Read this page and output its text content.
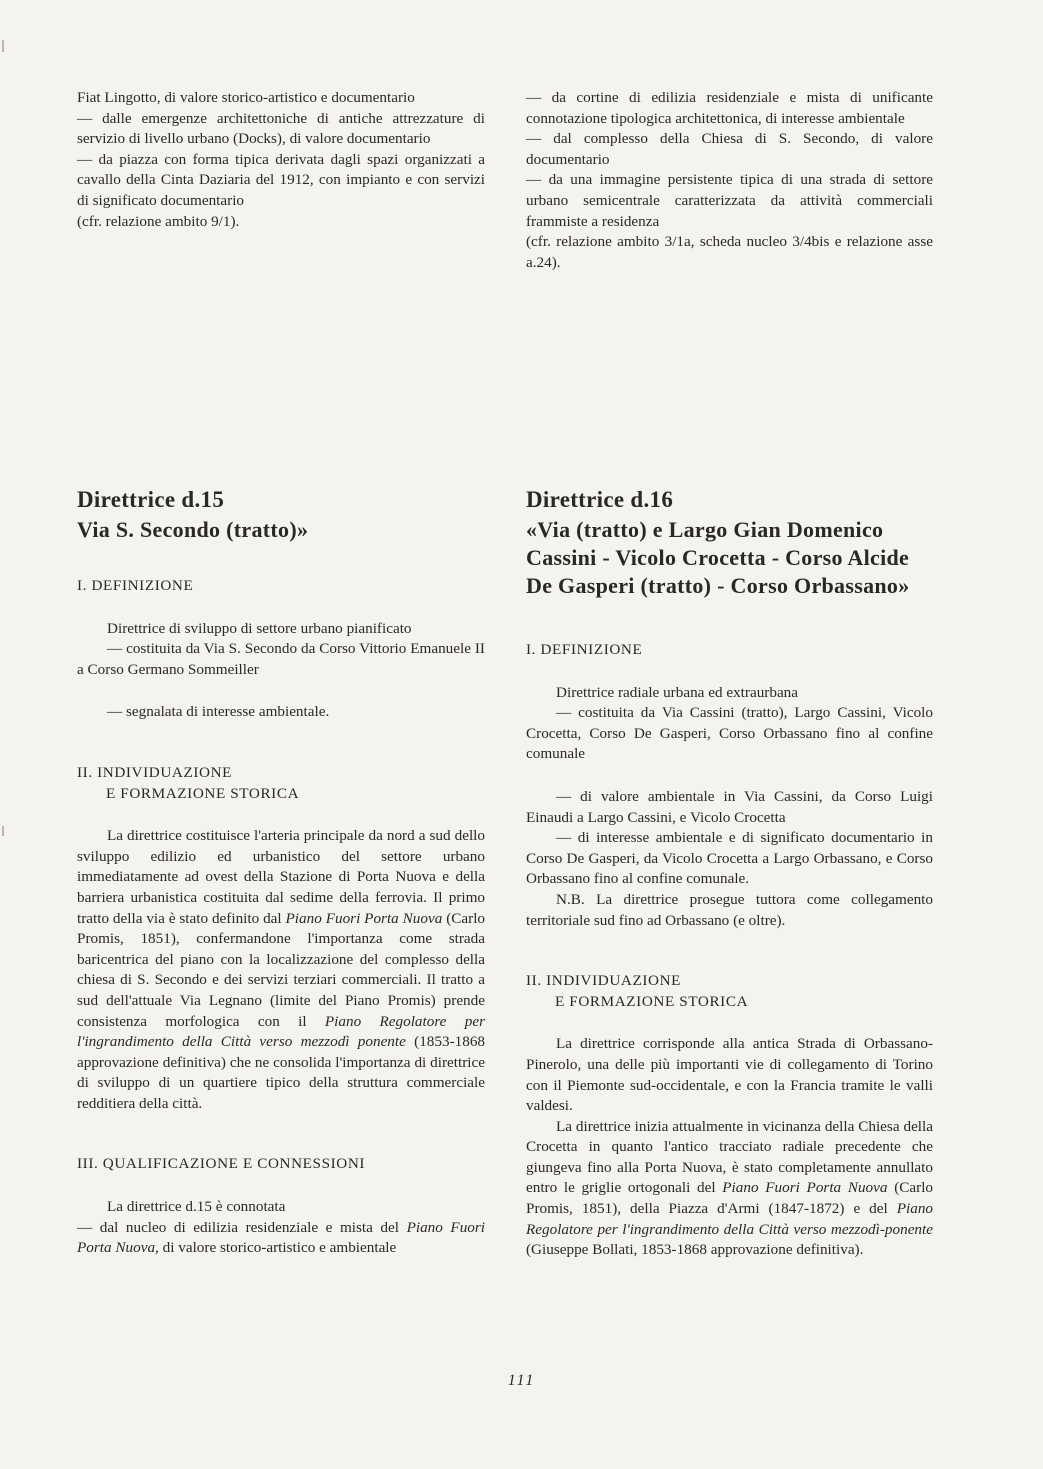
Fiat Lingotto, di valore storico-artistico e documentario

— dalle emergenze architettoniche di antiche attrezzature di servizio di livello urbano (Docks), di valore documentario

— da piazza con forma tipica derivata dagli spazi organizzati a cavallo della Cinta Daziaria del 1912, con impianto e con servizi di significato documentario

(cfr. relazione ambito 9/1).

— da cortine di edilizia residenziale e mista di unificante connotazione tipologica architettonica, di interesse ambientale

— dal complesso della Chiesa di S. Secondo, di valore documentario

— da una immagine persistente tipica di una strada di settore urbano semicentrale caratterizzata da attività commerciali frammiste a residenza

(cfr. relazione ambito 3/1a, scheda nucleo 3/4bis e relazione asse a.24).

Direttrice d.15
Via S. Secondo (tratto)»

I. DEFINIZIONE

Direttrice di sviluppo di settore urbano pianificato

— costituita da Via S. Secondo da Corso Vittorio Emanuele II a Corso Germano Sommeiller

— segnalata di interesse ambientale.

II. INDIVIDUAZIONE
E FORMAZIONE STORICA

La direttrice costituisce l'arteria principale da nord a sud dello sviluppo edilizio ed urbanistico del settore urbano immediatamente ad ovest della Stazione di Porta Nuova e della barriera urbanistica costituita dal sedime della ferrovia. Il primo tratto della via è stato definito dal Piano Fuori Porta Nuova (Carlo Promis, 1851), confermandone l'importanza come strada baricentrica del piano con la localizzazione del complesso della chiesa di S. Secondo e dei servizi terziari commerciali. Il tratto a sud dell'attuale Via Legnano (limite del Piano Promis) prende consistenza morfologica con il Piano Regolatore per l'ingrandimento della Città verso mezzodì ponente (1853-1868 approvazione definitiva) che ne consolida l'importanza di direttrice di sviluppo di un quartiere tipico della struttura commerciale redditiera della città.

III. QUALIFICAZIONE E CONNESSIONI

La direttrice d.15 è connotata

— dal nucleo di edilizia residenziale e mista del Piano Fuori Porta Nuova, di valore storico-artistico e ambientale

Direttrice d.16
«Via (tratto) e Largo Gian Domenico Cassini - Vicolo Crocetta - Corso Alcide De Gasperi (tratto) - Corso Orbassano»

I. DEFINIZIONE

Direttrice radiale urbana ed extraurbana

— costituita da Via Cassini (tratto), Largo Cassini, Vicolo Crocetta, Corso De Gasperi, Corso Orbassano fino al confine comunale

— di valore ambientale in Via Cassini, da Corso Luigi Einaudi a Largo Cassini, e Vicolo Crocetta

— di interesse ambientale e di significato documentario in Corso De Gasperi, da Vicolo Crocetta a Largo Orbassano, e Corso Orbassano fino al confine comunale.

N.B. La direttrice prosegue tuttora come collegamento territoriale sud fino ad Orbassano (e oltre).

II. INDIVIDUAZIONE
E FORMAZIONE STORICA

La direttrice corrisponde alla antica Strada di Orbassano-Pinerolo, una delle più importanti vie di collegamento di Torino con il Piemonte sud-occidentale, e con la Francia tramite le valli valdesi.

La direttrice inizia attualmente in vicinanza della Chiesa della Crocetta in quanto l'antico tracciato radiale precedente che giungeva fino alla Porta Nuova, è stato completamente annullato entro le griglie ortogonali del Piano Fuori Porta Nuova (Carlo Promis, 1851), della Piazza d'Armi (1847-1872) e del Piano Regolatore per l'ingrandimento della Città verso mezzodì-ponente (Giuseppe Bollati, 1853-1868 approvazione definitiva).

111
